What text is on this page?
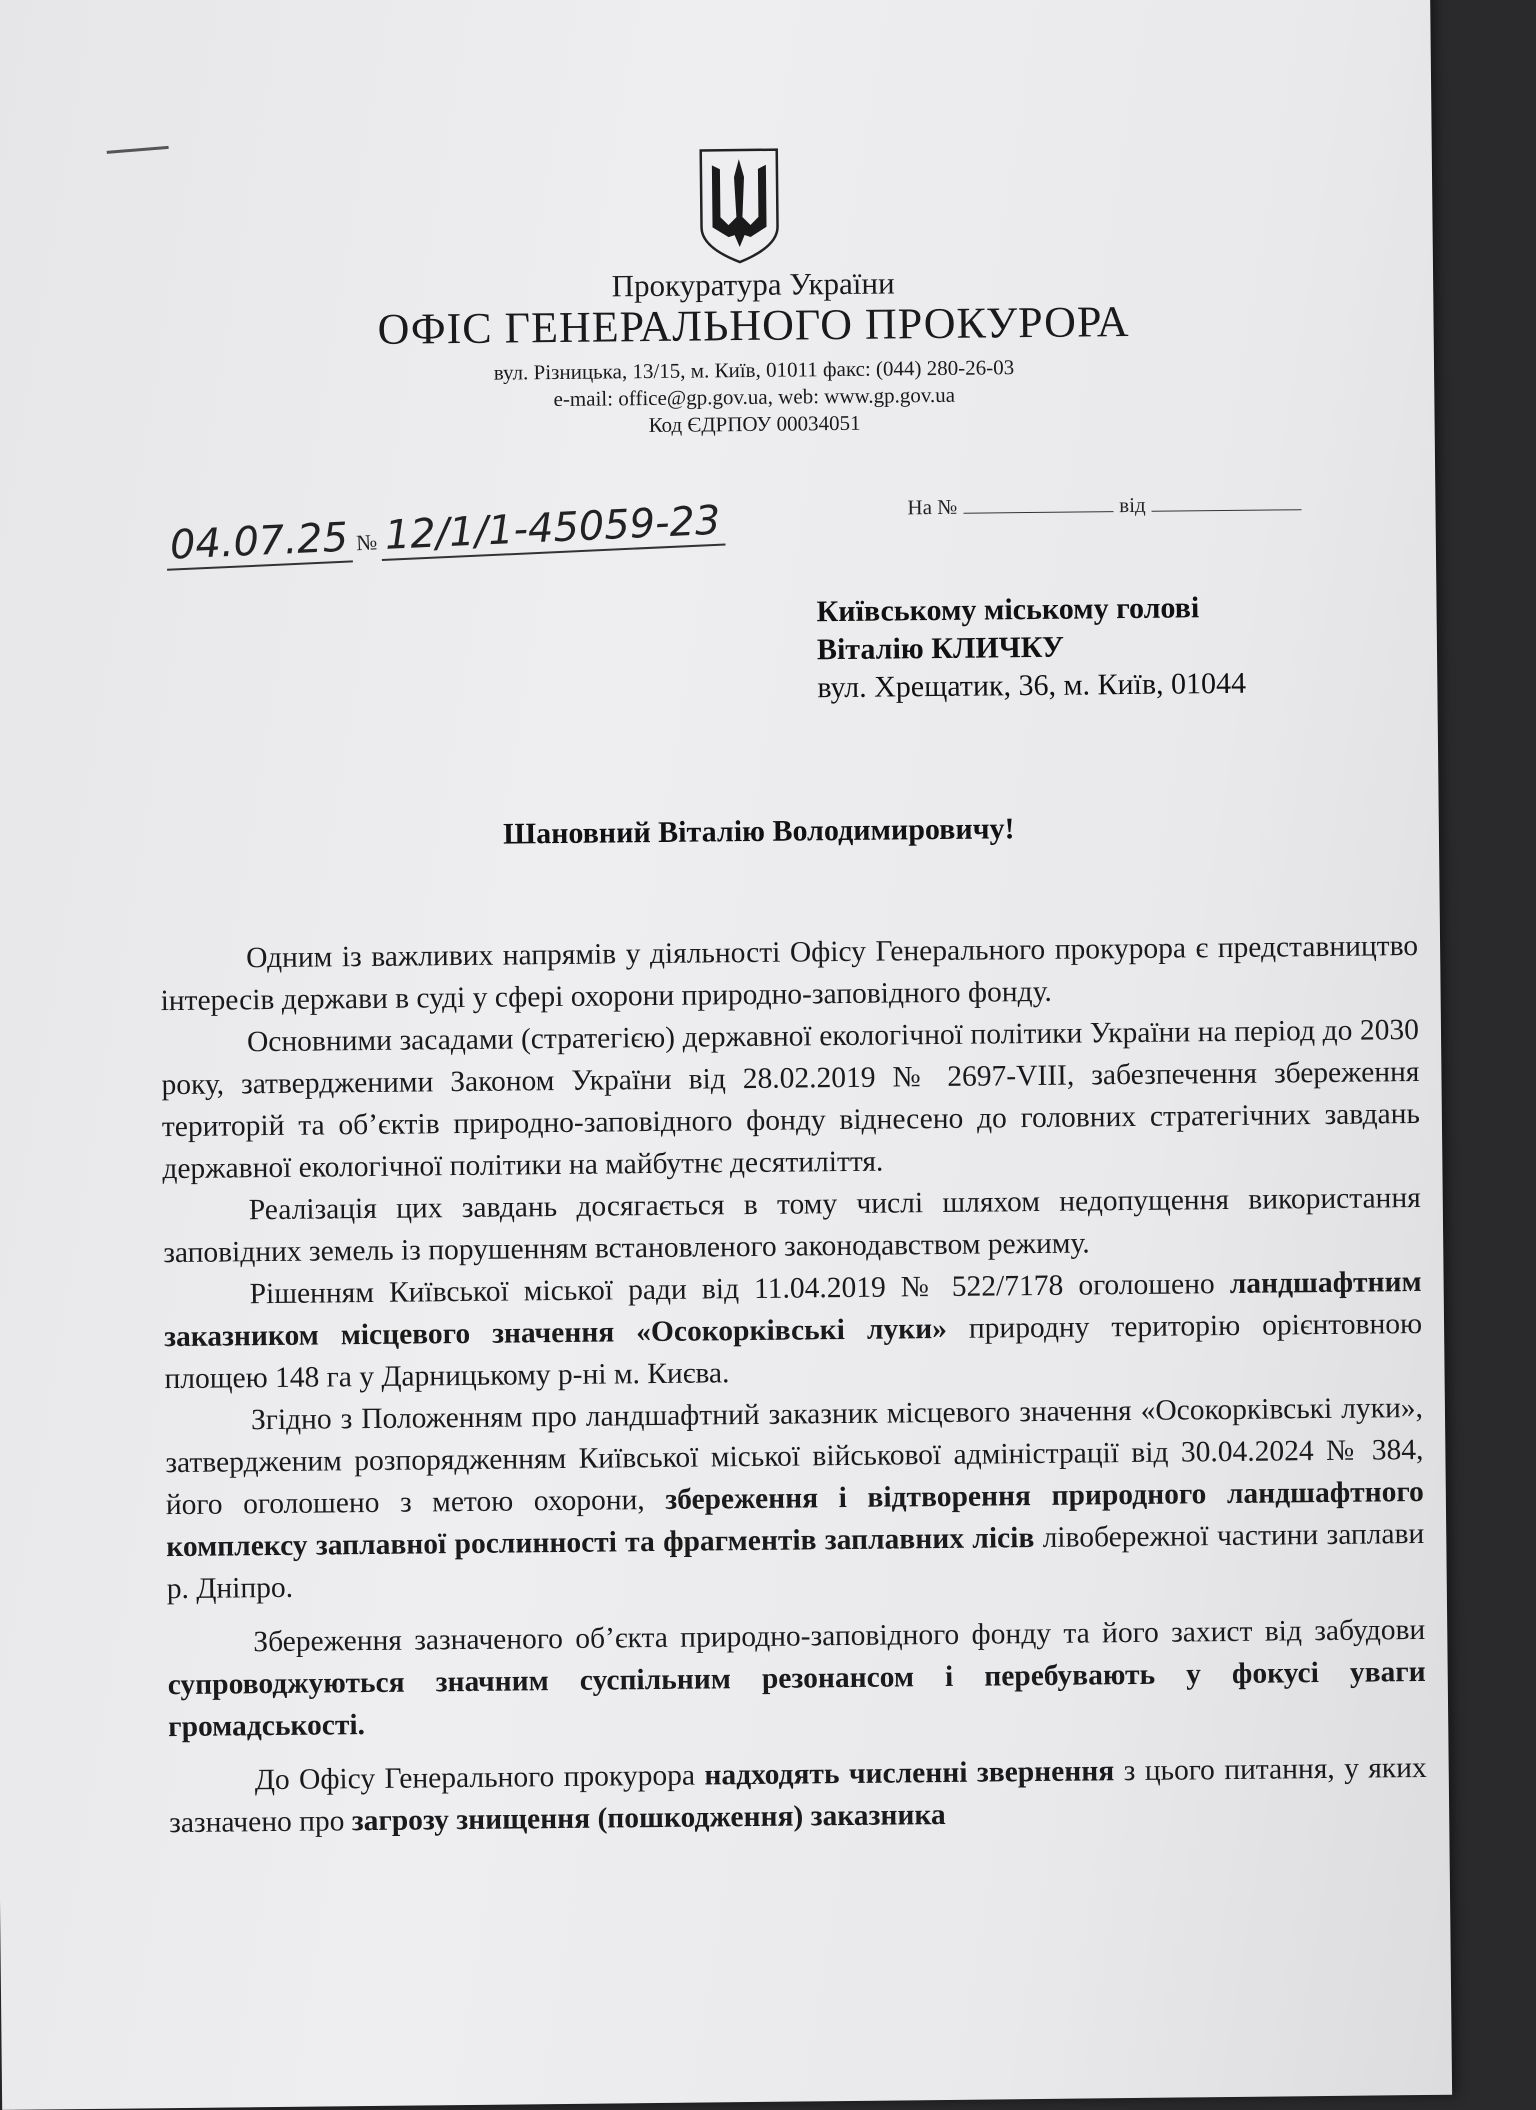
Прокуратура України
ОФІС ГЕНЕРАЛЬНОГО ПРОКУРОРА
вул. Різницька, 13/15, м. Київ, 01011 факс: (044) 280-26-03
e-mail: office@gp.gov.ua, web: www.gp.gov.ua
Код ЄДРПОУ 00034051
04.07.25 № 12/1/1-45059-23	На №	від
Київському міському голові
Віталію КЛИЧКУ
вул. Хрещатик, 36, м. Київ, 01044
Шановний Віталію Володимировичу!

Одним із важливих напрямів у діяльності Офісу Генерального прокурора є представництво інтересів держави в суді у сфері охорони природно-заповідного фонду.

Основними засадами (стратегією) державної екологічної політики України на період до 2030 року, затвердженими Законом України від 28.02.2019 № 2697-VIII, забезпечення збереження територій та об’єктів природно-заповідного фонду віднесено до головних стратегічних завдань державної екологічної політики на майбутнє десятиліття.

Реалізація цих завдань досягається в тому числі шляхом недопущення використання заповідних земель із порушенням встановленого законодавством режиму.

Рішенням Київської міської ради від 11.04.2019 № 522/7178 оголошено ландшафтним заказником місцевого значення «Осокорківські луки» природну територію орієнтовною площею 148 га у Дарницькому р-ні м. Києва.

Згідно з Положенням про ландшафтний заказник місцевого значення «Осокорківські луки», затвердженим розпорядженням Київської міської військової адміністрації від 30.04.2024 № 384, його оголошено з метою охорони, збереження і відтворення природного ландшафтного комплексу заплавної рослинності та фрагментів заплавних лісів лівобережної частини заплави р. Дніпро.

Збереження зазначеного об’єкта природно-заповідного фонду та його захист від забудови супроводжуються значним суспільним резонансом і перебувають у фокусі уваги громадськості.

До Офісу Генерального прокурора надходять численні звернення з цього питання, у яких зазначено про загрозу знищення (пошкодження) заказника
